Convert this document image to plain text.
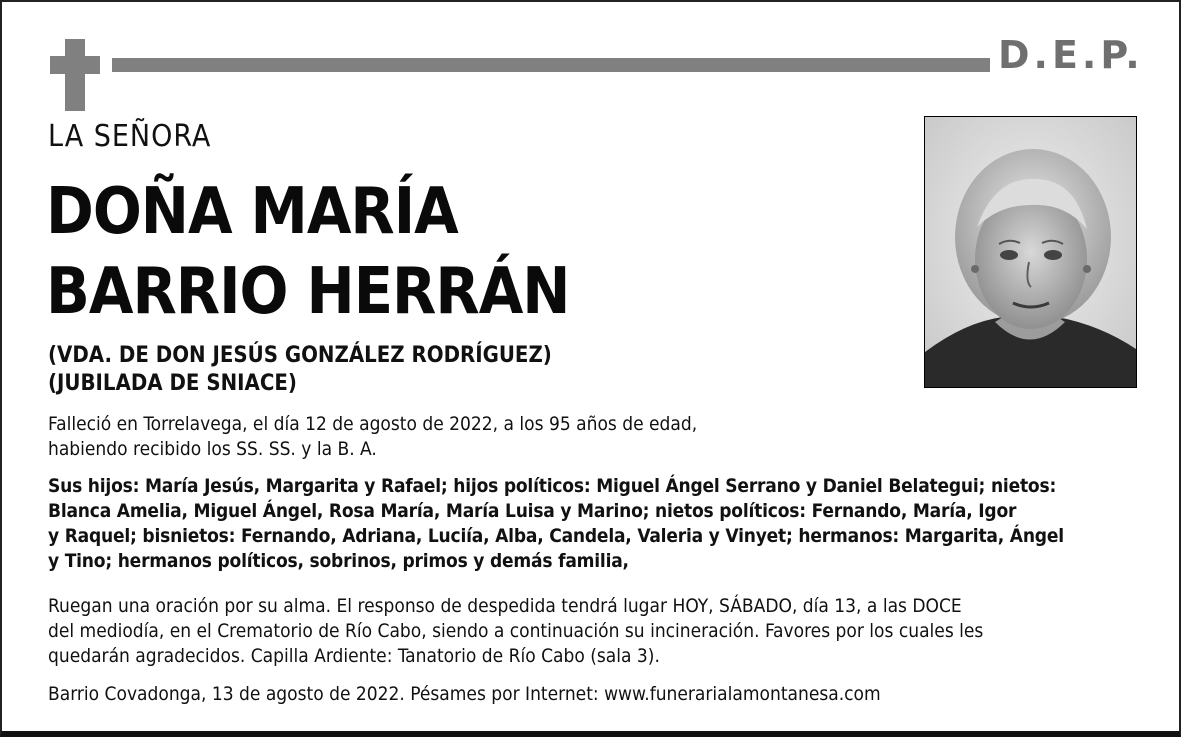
D.E.P.
LA SEÑORA
DOÑA MARÍA
BARRIO HERRÁN
(VDA. DE DON JESÚS GONZÁLEZ RODRÍGUEZ)
(JUBILADA DE SNIACE)
Falleció en Torrelavega, el día 12 de agosto de 2022, a los 95 años de edad,
habiendo recibido los SS. SS. y la B. A.
Sus hijos: María Jesús, Margarita y Rafael; hijos políticos: Miguel Ángel Serrano y Daniel Belategui; nietos:
Blanca Amelia, Miguel Ángel, Rosa María, María Luisa y Marino; nietos políticos: Fernando, María, Igor
y Raquel; bisnietos: Fernando, Adriana, Luciía, Alba, Candela, Valeria y Vinyet; hermanos: Margarita, Ángel
y Tino; hermanos políticos, sobrinos, primos y demás familia,
Ruegan una oración por su alma. El responso de despedida tendrá lugar HOY, SÁBADO, día 13, a las DOCE
del mediodía, en el Crematorio de Río Cabo, siendo a continuación su incineración. Favores por los cuales les
quedarán agradecidos. Capilla Ardiente: Tanatorio de Río Cabo (sala 3).
Barrio Covadonga, 13 de agosto de 2022. Pésames por Internet: www.funerarialamontanesa.com
